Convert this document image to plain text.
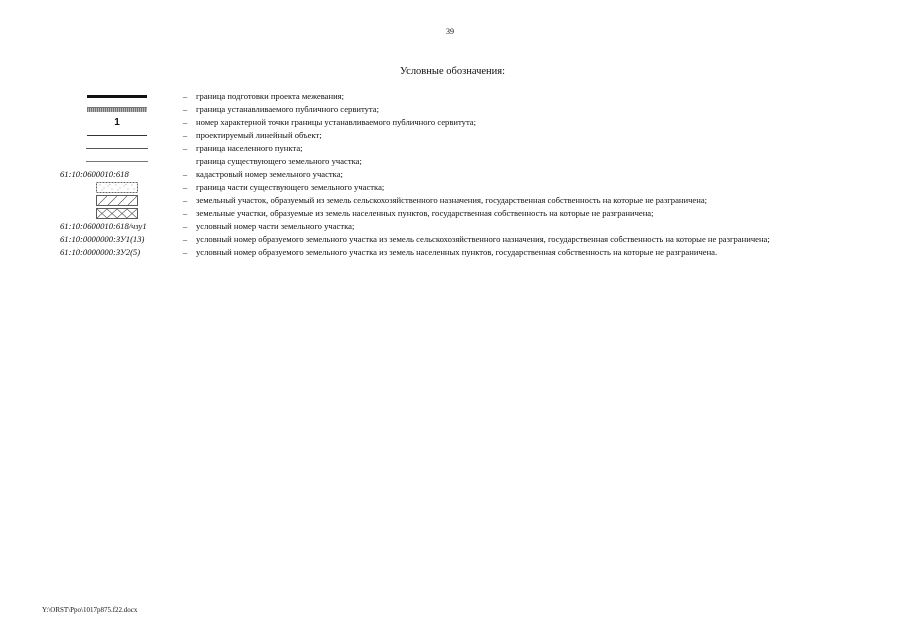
39
Условные обозначения:
–	граница подготовки проекта межевания;
–	граница устанавливаемого публичного сервитута;
1	–	номер характерной точки границы устанавливаемого публичного сервитута;
–	проектируемый линейный объект;
–	граница населенного пункта;
граница существующего земельного участка;
61:10:0600010:618	–	кадастровый номер земельного участка;
–	граница части существующего земельного участка;
–	земельный участок, образуемый из земель сельскохозяйственного назначения, государственная собственность на которые не разграничена;
–	земельные участки, образуемые из земель населенных пунктов, государственная собственность на которые не разграничена;
61:10:0600010:618/чзу1	–	условный номер части земельного участка;
61:10:0000000:ЗУ1(13)	–	условный номер образуемого земельного участка из земель сельскохозяйственного назначения, государственная собственность на которые не разграничена;
61:10:0000000:ЗУ2(5)	–	условный номер образуемого земельного участка из земель населенных пунктов, государственная собственность на которые не разграничена.
Y:\ORST\Ppo\1017p875.f22.docx
